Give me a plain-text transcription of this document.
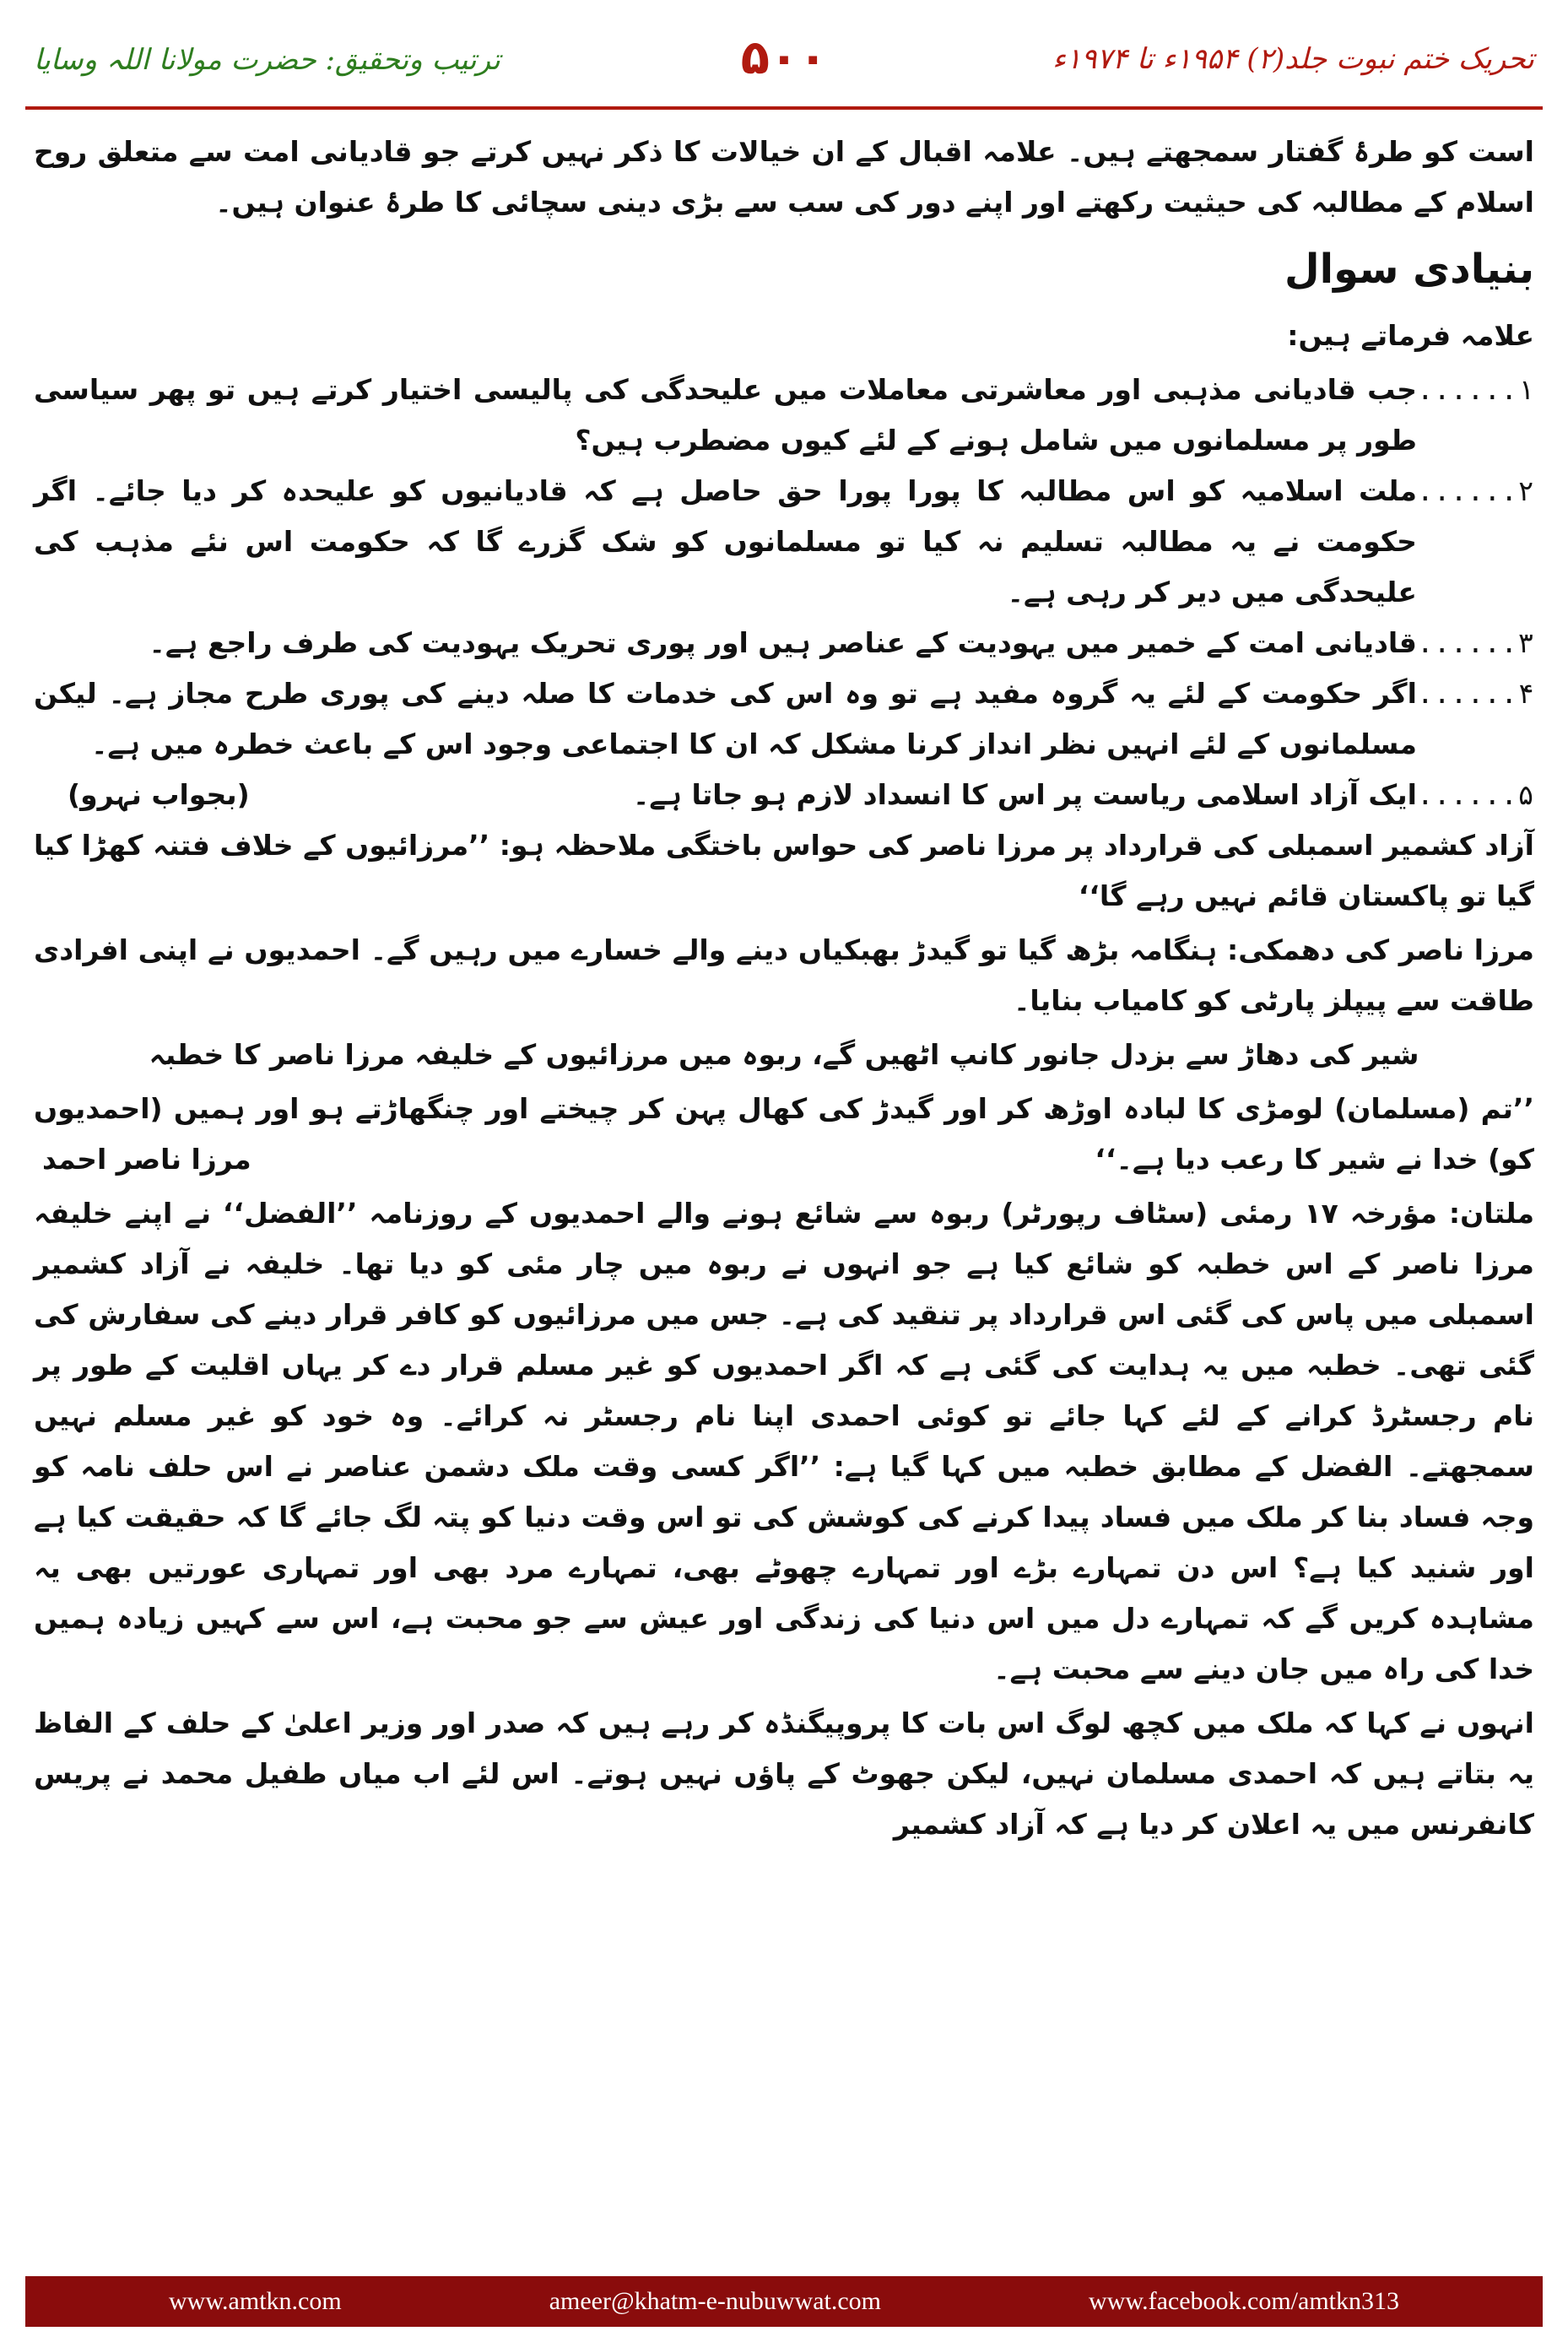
ترتیب وتحقیق: حضرت مولانا اللہ وسایا	۵۰۰	تحریک ختم نبوت جلد(۲) ۱۹۵۴ء تا ۱۹۷۴ء

است کو طرۂ گفتار سمجھتے ہیں۔ علامہ اقبال کے ان خیالات کا ذکر نہیں کرتے جو قادیانی امت سے متعلق روح اسلام کے مطالبہ کی حیثیت رکھتے اور اپنے دور کی سب سے بڑی دینی سچائی کا طرۂ عنوان ہیں۔

بنیادی سوال

علامہ فرماتے ہیں:

۱......
جب قادیانی مذہبی اور معاشرتی معاملات میں علیحدگی کی پالیسی اختیار کرتے ہیں تو پھر سیاسی طور پر مسلمانوں میں شامل ہونے کے لئے کیوں مضطرب ہیں؟
۲......
ملت اسلامیہ کو اس مطالبہ کا پورا پورا حق حاصل ہے کہ قادیانیوں کو علیحدہ کر دیا جائے۔ اگر حکومت نے یہ مطالبہ تسلیم نہ کیا تو مسلمانوں کو شک گزرے گا کہ حکومت اس نئے مذہب کی علیحدگی میں دیر کر رہی ہے۔
۳......
قادیانی امت کے خمیر میں یہودیت کے عناصر ہیں اور پوری تحریک یہودیت کی طرف راجع ہے۔
۴......
اگر حکومت کے لئے یہ گروہ مفید ہے تو وہ اس کی خدمات کا صلہ دینے کی پوری طرح مجاز ہے۔ لیکن مسلمانوں کے لئے انہیں نظر انداز کرنا مشکل کہ ان کا اجتماعی وجود اس کے باعث خطرہ میں ہے۔
۵......
ایک آزاد اسلامی ریاست پر اس کا انسداد لازم ہو جاتا ہے۔
(بجواب نہرو)

آزاد کشمیر اسمبلی کی قرارداد پر مرزا ناصر کی حواس باختگی ملاحظہ ہو: ’’مرزائیوں کے خلاف فتنہ کھڑا کیا گیا تو پاکستان قائم نہیں رہے گا‘‘

مرزا ناصر کی دھمکی: ہنگامہ بڑھ گیا تو گیدڑ بھبکیاں دینے والے خسارے میں رہیں گے۔ احمدیوں نے اپنی افرادی طاقت سے پیپلز پارٹی کو کامیاب بنایا۔

شیر کی دھاڑ سے بزدل جانور کانپ اٹھیں گے، ربوہ میں مرزائیوں کے خلیفہ مرزا ناصر کا خطبہ

’’تم (مسلمان) لومڑی کا لبادہ اوڑھ کر اور گیدڑ کی کھال پہن کر چیختے اور چنگھاڑتے ہو اور ہمیں (احمدیوں کو) خدا نے شیر کا رعب دیا ہے۔‘‘
مرزا ناصر احمد

ملتان: مؤرخہ ۱۷ رمئی (سٹاف رپورٹر) ربوہ سے شائع ہونے والے احمدیوں کے روزنامہ ’’الفضل‘‘ نے اپنے خلیفہ مرزا ناصر کے اس خطبہ کو شائع کیا ہے جو انہوں نے ربوہ میں چار مئی کو دیا تھا۔ خلیفہ نے آزاد کشمیر اسمبلی میں پاس کی گئی اس قرارداد پر تنقید کی ہے۔ جس میں مرزائیوں کو کافر قرار دینے کی سفارش کی گئی تھی۔ خطبہ میں یہ ہدایت کی گئی ہے کہ اگر احمدیوں کو غیر مسلم قرار دے کر یہاں اقلیت کے طور پر نام رجسٹرڈ کرانے کے لئے کہا جائے تو کوئی احمدی اپنا نام رجسٹر نہ کرائے۔ وہ خود کو غیر مسلم نہیں سمجھتے۔ الفضل کے مطابق خطبہ میں کہا گیا ہے: ’’اگر کسی وقت ملک دشمن عناصر نے اس حلف نامہ کو وجہ فساد بنا کر ملک میں فساد پیدا کرنے کی کوشش کی تو اس وقت دنیا کو پتہ لگ جائے گا کہ حقیقت کیا ہے اور شنید کیا ہے؟ اس دن تمہارے بڑے اور تمہارے چھوٹے بھی، تمہارے مرد بھی اور تمہاری عورتیں بھی یہ مشاہدہ کریں گے کہ تمہارے دل میں اس دنیا کی زندگی اور عیش سے جو محبت ہے، اس سے کہیں زیادہ ہمیں خدا کی راہ میں جان دینے سے محبت ہے۔

انہوں نے کہا کہ ملک میں کچھ لوگ اس بات کا پروپیگنڈہ کر رہے ہیں کہ صدر اور وزیر اعلیٰ کے حلف کے الفاظ یہ بتاتے ہیں کہ احمدی مسلمان نہیں، لیکن جھوٹ کے پاؤں نہیں ہوتے۔ اس لئے اب میاں طفیل محمد نے پریس کانفرنس میں یہ اعلان کر دیا ہے کہ آزاد کشمیر

www.amtkn.com	ameer@khatm-e-nubuwwat.com	www.facebook.com/amtkn313
